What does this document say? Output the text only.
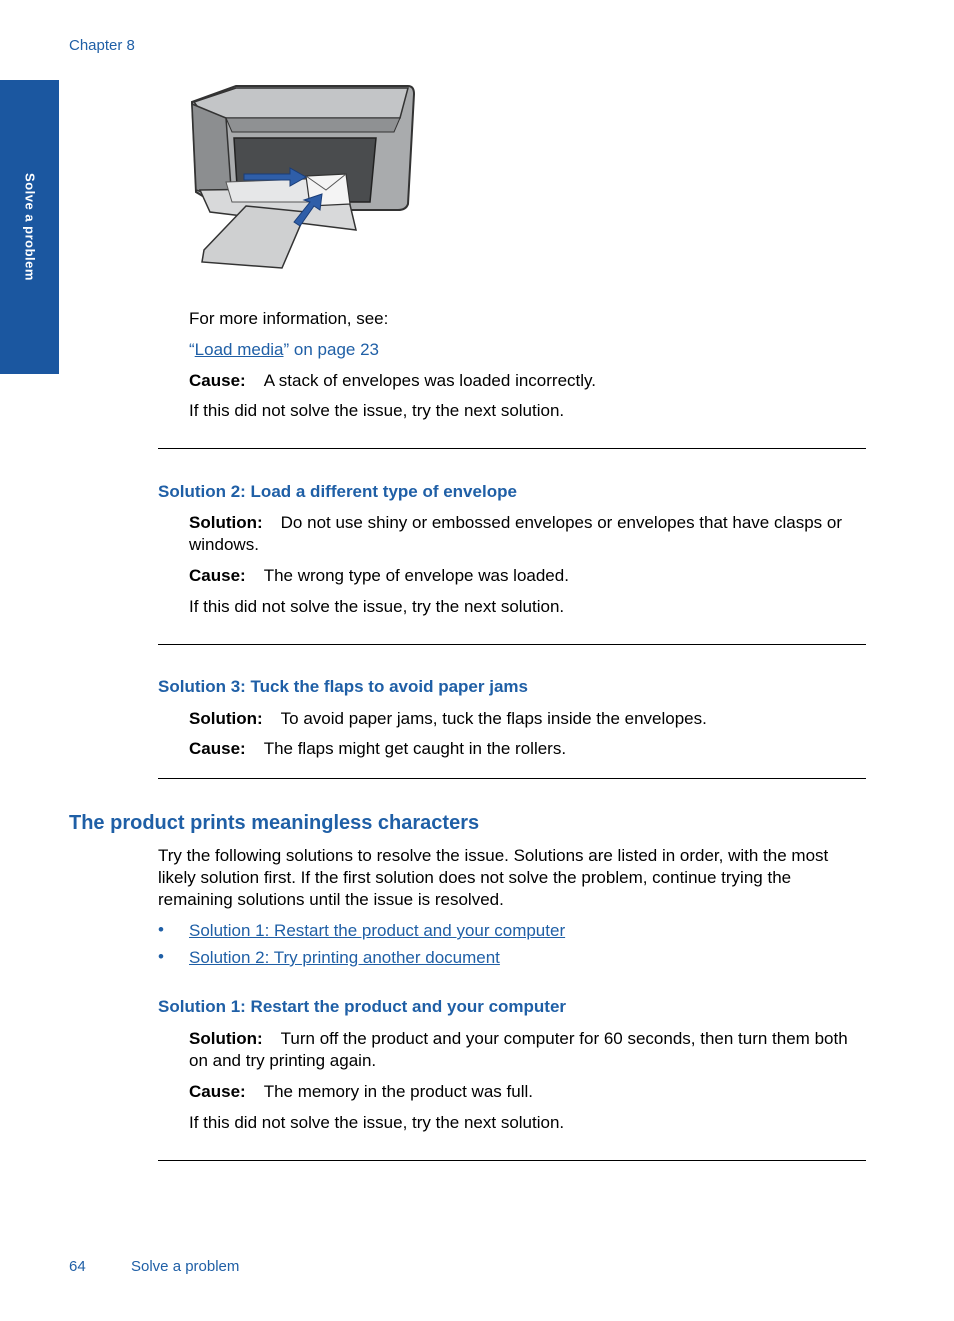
Chapter 8
Solve a problem
For more information, see:
“Load media” on page 23
Cause: A stack of envelopes was loaded incorrectly.
If this did not solve the issue, try the next solution.
Solution 2: Load a different type of envelope
Solution: Do not use shiny or embossed envelopes or envelopes that have clasps or windows.
Cause: The wrong type of envelope was loaded.
If this did not solve the issue, try the next solution.
Solution 3: Tuck the flaps to avoid paper jams
Solution: To avoid paper jams, tuck the flaps inside the envelopes.
Cause: The flaps might get caught in the rollers.
The product prints meaningless characters
Try the following solutions to resolve the issue. Solutions are listed in order, with the most likely solution first. If the first solution does not solve the problem, continue trying the remaining solutions until the issue is resolved.
• Solution 1: Restart the product and your computer
• Solution 2: Try printing another document
Solution 1: Restart the product and your computer
Solution: Turn off the product and your computer for 60 seconds, then turn them both on and try printing again.
Cause: The memory in the product was full.
If this did not solve the issue, try the next solution.
64	Solve a problem
